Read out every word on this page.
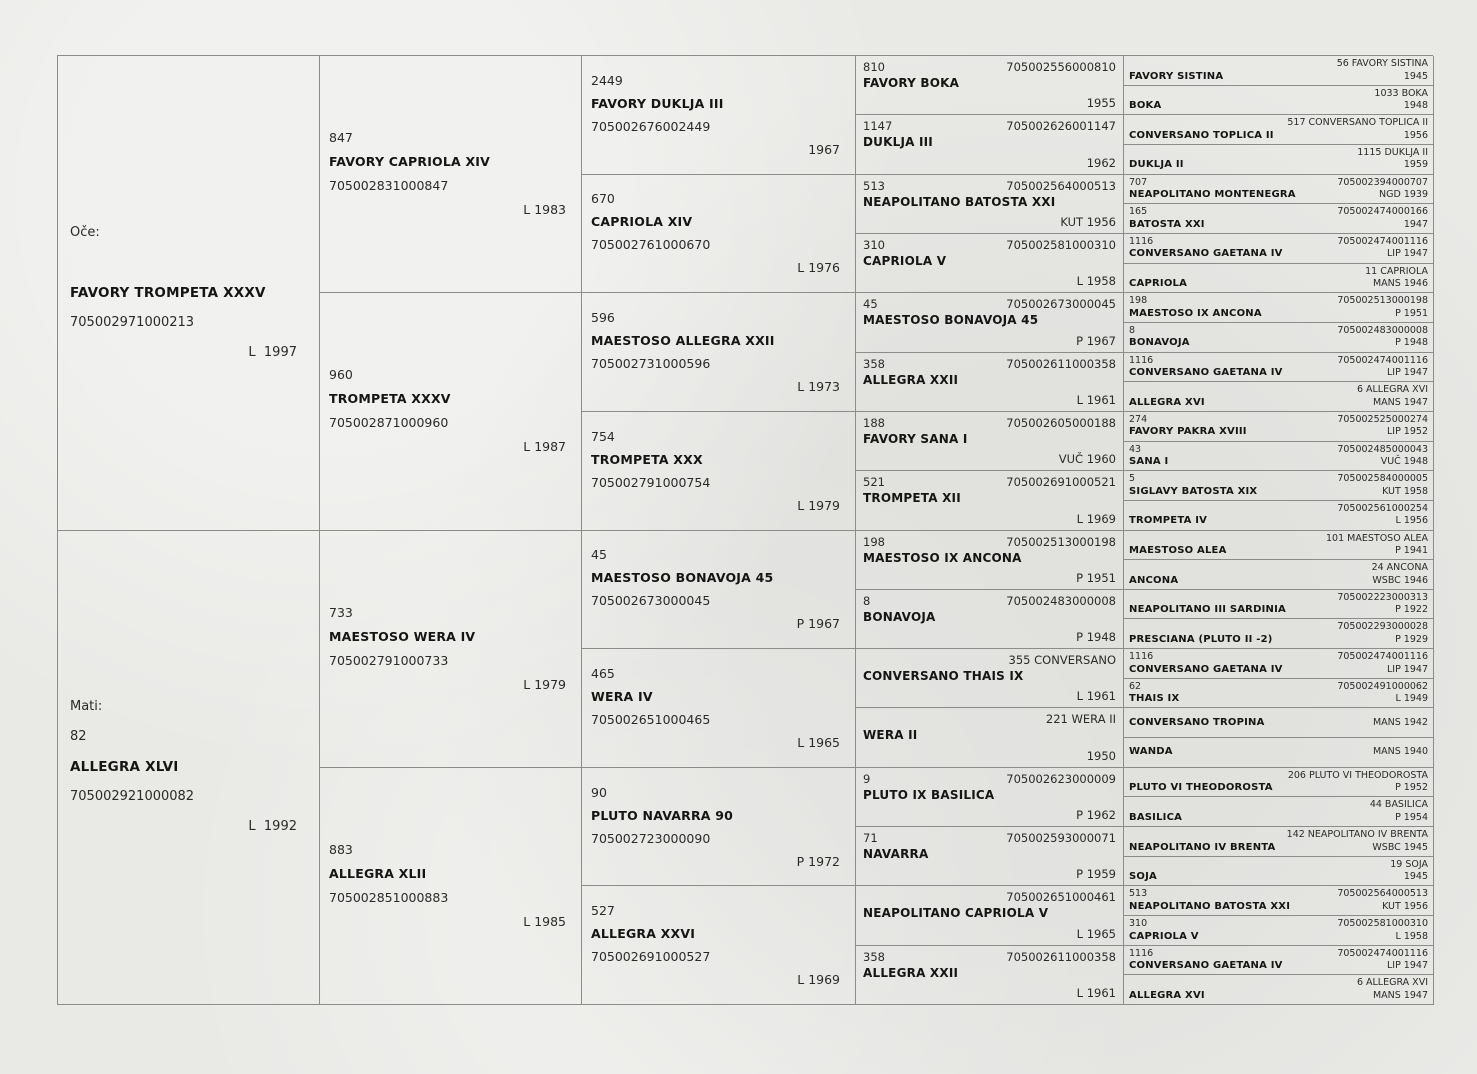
Oče:
FAVORY TROMPETA XXXV
705002971000213
L  1997
Mati:
82
ALLEGRA XLVI
705002921000082
L  1992
847
FAVORY CAPRIOLA XIV
705002831000847
L 1983
960
TROMPETA XXXV
705002871000960
L 1987
733
MAESTOSO WERA IV
705002791000733
L 1979
883
ALLEGRA XLII
705002851000883
L 1985
2449
FAVORY DUKLJA III
705002676002449
1967
670
CAPRIOLA XIV
705002761000670
L 1976
596
MAESTOSO ALLEGRA XXII
705002731000596
L 1973
754
TROMPETA XXX
705002791000754
L 1979
45
MAESTOSO BONAVOJA 45
705002673000045
P 1967
465
WERA IV
705002651000465
L 1965
90
PLUTO NAVARRA 90
705002723000090
P 1972
527
ALLEGRA XXVI
705002691000527
L 1969
810	705002556000810
FAVORY BOKA
1955
1147	705002626001147
DUKLJA III
1962
513	705002564000513
NEAPOLITANO BATOSTA XXI
KUT 1956
310	705002581000310
CAPRIOLA V
L 1958
45	705002673000045
MAESTOSO BONAVOJA 45
P 1967
358	705002611000358
ALLEGRA XXII
L 1961
188	705002605000188
FAVORY SANA I
VUČ 1960
521	705002691000521
TROMPETA XII
L 1969
198	705002513000198
MAESTOSO IX ANCONA
P 1951
8	705002483000008
BONAVOJA
P 1948
355 CONVERSANO
CONVERSANO THAIS IX
L 1961
221 WERA II
WERA II
1950
9	705002623000009
PLUTO IX BASILICA
P 1962
71	705002593000071
NAVARRA
P 1959
705002651000461
NEAPOLITANO CAPRIOLA V
L 1965
358	705002611000358
ALLEGRA XXII
L 1961
56 FAVORY SISTINA
FAVORY SISTINA	1945
1033 BOKA
BOKA	1948
517 CONVERSANO TOPLICA II
CONVERSANO TOPLICA II	1956
1115 DUKLJA II
DUKLJA II	1959
707	705002394000707
NEAPOLITANO MONTENEGRA	NGD 1939
165	705002474000166
BATOSTA XXI	1947
1116	705002474001116
CONVERSANO GAETANA IV	LIP 1947
11 CAPRIOLA
CAPRIOLA	MANS 1946
198	705002513000198
MAESTOSO IX ANCONA	P 1951
8	705002483000008
BONAVOJA	P 1948
1116	705002474001116
CONVERSANO GAETANA IV	LIP 1947
6 ALLEGRA XVI
ALLEGRA XVI	MANS 1947
274	705002525000274
FAVORY PAKRA XVIII	LIP 1952
43	705002485000043
SANA I	VUČ 1948
5	705002584000005
SIGLAVY BATOSTA XIX	KUT 1958
705002561000254
TROMPETA IV	L 1956
101 MAESTOSO ALEA
MAESTOSO ALEA	P 1941
24 ANCONA
ANCONA	WSBC 1946
705002223000313
NEAPOLITANO III SARDINIA	P 1922
705002293000028
PRESCIANA (PLUTO II -2)	P 1929
1116	705002474001116
CONVERSANO GAETANA IV	LIP 1947
62	705002491000062
THAIS IX	L 1949
CONVERSANO TROPINA	MANS 1942
WANDA	MANS 1940
206 PLUTO VI THEODOROSTA
PLUTO VI THEODOROSTA	P 1952
44 BASILICA
BASILICA	P 1954
142 NEAPOLITANO IV BRENTA
NEAPOLITANO IV BRENTA	WSBC 1945
19 SOJA
SOJA	1945
513	705002564000513
NEAPOLITANO BATOSTA XXI	KUT 1956
310	705002581000310
CAPRIOLA V	L 1958
1116	705002474001116
CONVERSANO GAETANA IV	LIP 1947
6 ALLEGRA XVI
ALLEGRA XVI	MANS 1947
